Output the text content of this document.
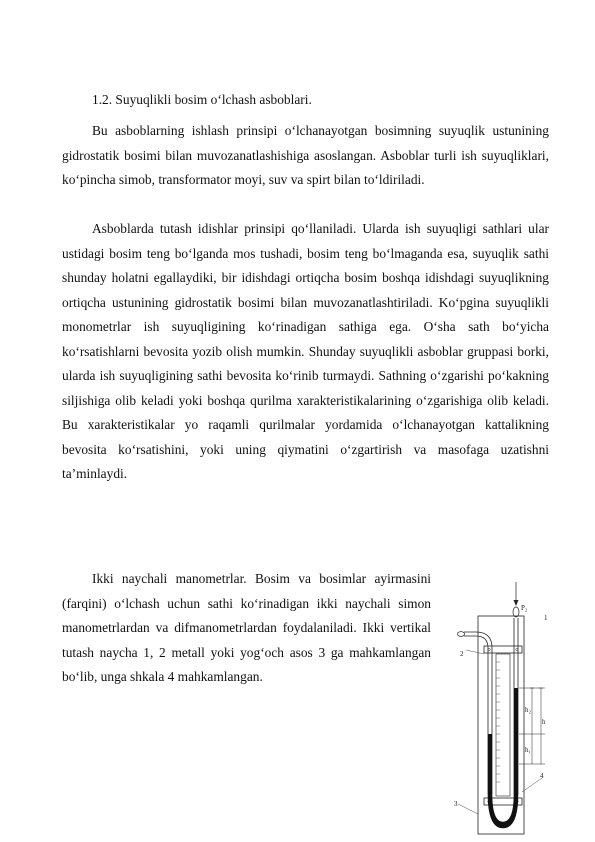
1.2. Suyuqlikli bosim o‘lchash asboblari.

Bu asboblarning ishlash prinsipi o‘lchanayotgan bosimning suyuqlik ustunining gidrostatik bosimi bilan muvozanatlashishiga asoslangan. Asboblar turli ish suyuqliklari, ko‘pincha simob, transformator moyi, suv va spirt bilan to‘ldiriladi.

Asboblarda tutash idishlar prinsipi qo‘llaniladi. Ularda ish suyuqligi sathlari ular ustidagi bosim teng bo‘lganda mos tushadi, bosim teng bo‘lmaganda esa, suyuqlik sathi shunday holatni egallaydiki, bir idishdagi ortiqcha bosim boshqa idishdagi suyuqlikning ortiqcha ustunining gidrostatik bosimi bilan muvozanatlashtiriladi. Ko‘pgina suyuqlikli monometrlar ish suyuqligining ko‘rinadigan sathiga ega. O‘sha sath bo‘yicha ko‘rsatishlarni bevosita yozib olish mumkin. Shunday suyuqlikli asboblar gruppasi borki, ularda ish suyuqligining sathi bevosita ko‘rinib turmaydi. Sathning o‘zgarishi po‘kakning siljishiga olib keladi yoki boshqa qurilma xarakteristikalarining o‘zgarishiga olib keladi. Bu xarakteristikalar yo raqamli qurilmalar yordamida o‘lchanayotgan kattalikning bevosita ko‘rsatishini, yoki uning qiymatini o‘zgartirish va masofaga uzatishni ta’minlaydi.

Ikki naychali manometrlar. Bosim va bosimlar ayirmasini (farqini) o‘lchash uchun sathi ko‘rinadigan ikki naychali simon manometrlardan va difmanometrlardan foydalaniladi. Ikki vertikal tutash naycha 1, 2 metall yoki yog‘och asos 3 ga mahkamlangan bo‘lib, unga shkala 4 mahkamlangan.

P₂
1
2
3
4
h₂
h
h₁
